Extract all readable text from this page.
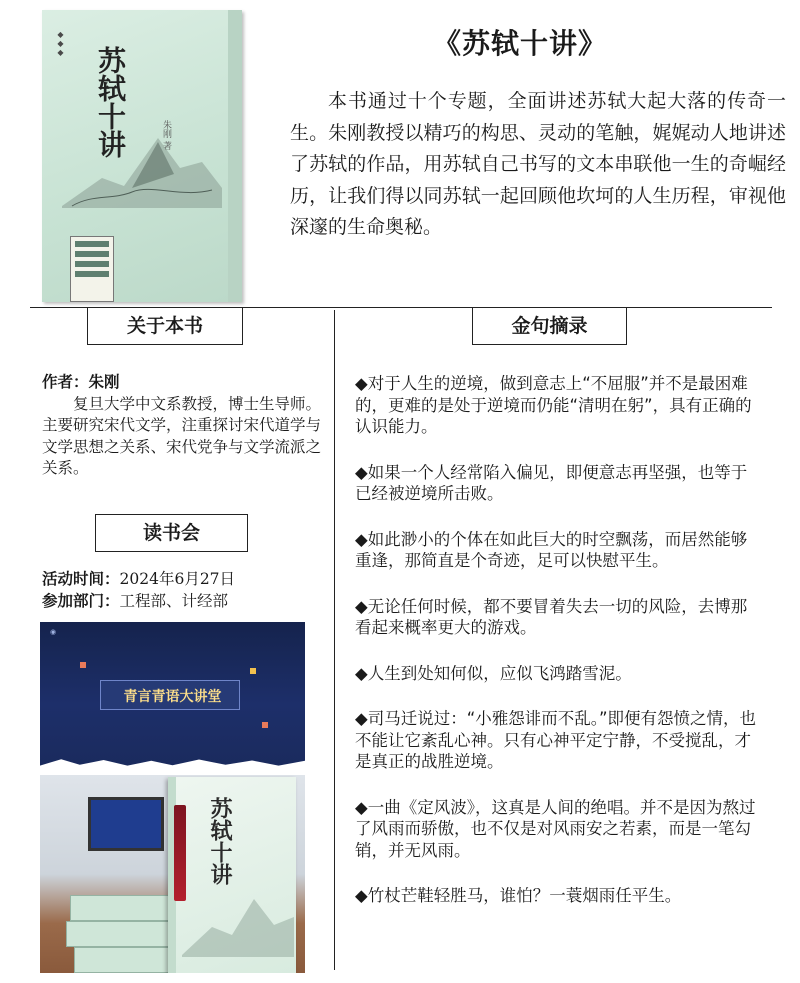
◆◆◆
苏轼十讲	朱刚 著
《苏轼十讲》

本书通过十个专题，全面讲述苏轼大起大落的传奇一生。朱刚教授以精巧的构思、灵动的笔触，娓娓动人地讲述了苏轼的作品，用苏轼自己书写的文本串联他一生的奇崛经历，让我们得以同苏轼一起回顾他坎坷的人生历程，审视他深邃的生命奥秘。

关于本书
作者：朱刚
复旦大学中文系教授，博士生导师。主要研究宋代文学，注重探讨宋代道学与文学思想之关系、宋代党争与文学流派之关系。
读书会
活动时间：2024年6月27日
参加部门：工程部、计经部
◉
青言青语大讲堂
苏轼十讲
金句摘录
◆对于人生的逆境，做到意志上“不屈服”并不是最困难的，更难的是处于逆境而仍能“清明在躬”，具有正确的认识能力。
◆如果一个人经常陷入偏见，即便意志再坚强，也等于已经被逆境所击败。
◆如此渺小的个体在如此巨大的时空飘荡，而居然能够重逢，那简直是个奇迹，足可以快慰平生。
◆无论任何时候，都不要冒着失去一切的风险，去博那看起来概率更大的游戏。
◆人生到处知何似，应似飞鸿踏雪泥。
◆司马迁说过：“小雅怨诽而不乱。”即便有怨愤之情，也不能让它紊乱心神。只有心神平定宁静，不受搅乱，才是真正的战胜逆境。
◆一曲《定风波》，这真是人间的绝唱。并不是因为熬过了风雨而骄傲，也不仅是对风雨安之若素，而是一笔勾销，并无风雨。
◆竹杖芒鞋轻胜马，谁怕？一蓑烟雨任平生。
